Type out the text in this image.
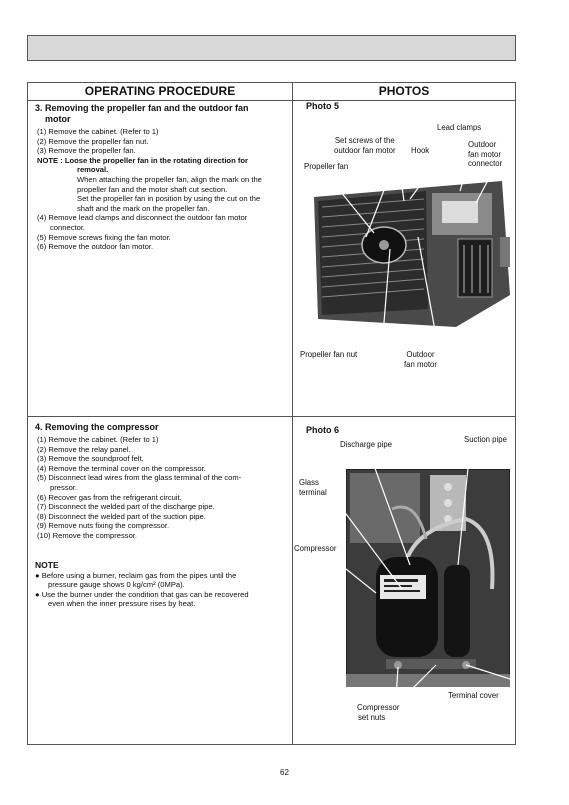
OPERATING PROCEDURE	PHOTOS
3. Removing the propeller fan and the outdoor fan
motor
(1) Remove the cabinet. (Refer to 1)
(2) Remove the propeller fan nut.
(3) Remove the propeller fan.
NOTE : Loose the propeller fan in the rotating direction for
removal.
When attaching the propeller fan, align the mark on the
propeller fan and the motor shaft cut section.
Set the propeller fan in position by using the cut on the
shaft and the mark on the propeller fan.
(4) Remove lead clamps and disconnect the outdoor fan motor
connector.
(5) Remove screws fixing the fan motor.
(6) Remove the outdoor fan motor.
Photo 5
Lead clamps
Set screws of the
outdoor fan motor Hook
Outdoor
fan motor
connector
Propeller fan
Propeller fan nut	Outdoor
fan motor
4. Removing the compressor
(1) Remove the cabinet. (Refer to 1)
(2) Remove the relay panel.
(3) Remove the soundproof felt.
(4) Remove the terminal cover on the compressor.
(5) Disconnect lead wires from the glass terminal of the com-
pressor.
(6) Recover gas from the refrigerant circuit.
(7) Disconnect the welded part of the discharge pipe.
(8) Disconnect the welded part of the suction pipe.
(9) Remove nuts fixing the compressor.
(10) Remove the compressor.
NOTE
● Before using a burner, reclaim gas from the pipes until the
pressure gauge shows 0 kg/cm² (0MPa).
● Use the burner under the condition that gas can be recovered
even when the inner pressure rises by heat.
Photo 6
Discharge pipe
Suction pipe
Glass
terminal
Compressor
Terminal cover
Compressor
set nuts
62
